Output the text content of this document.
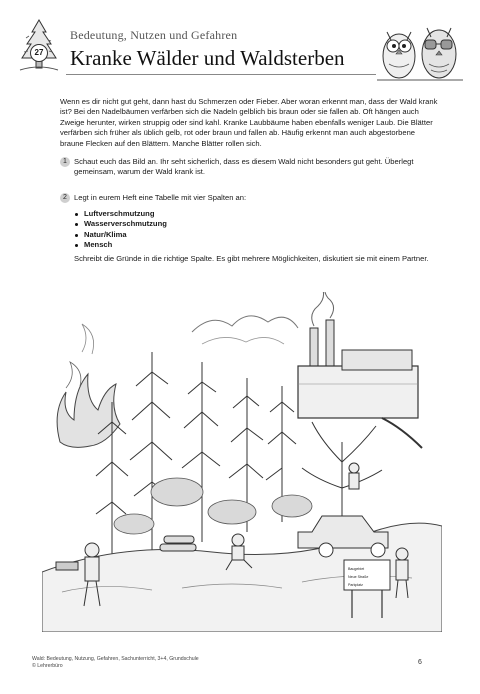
27
Bedeutung, Nutzen und Gefahren
Kranke Wälder und Waldsterben
Wenn es dir nicht gut geht, dann hast du Schmerzen oder Fieber. Aber woran erkennt man, dass der Wald krank ist? Bei den Nadelbäumen verfärben sich die Nadeln gelblich bis braun oder sie fallen ab. Oft hängen auch Zweige herunter, wirken struppig oder sind kahl. Kranke Laubbäume haben ebenfalls weniger Laub. Die Blätter verfärben sich früher als üblich gelb, rot oder braun und fallen ab. Häufig erkennt man auch abgestorbene braune Flecken auf den Blättern. Manche Blätter rollen sich.
1 Schaut euch das Bild an. Ihr seht sicherlich, dass es diesem Wald nicht besonders gut geht. Überlegt gemeinsam, warum der Wald krank ist.
2 Legt in eurem Heft eine Tabelle mit vier Spalten an:
Luftverschmutzung
Wasserverschmutzung
Natur/Klima
Mensch
Schreibt die Gründe in die richtige Spalte. Es gibt mehrere Möglichkeiten, diskutiert sie mit einem Partner.
Baugebiet
Neue Straße
Parkplatz
Wald: Bedeutung, Nutzung, Gefahren, Sachunterricht, 3+4, Grundschule
© Lehrerbüro	6
